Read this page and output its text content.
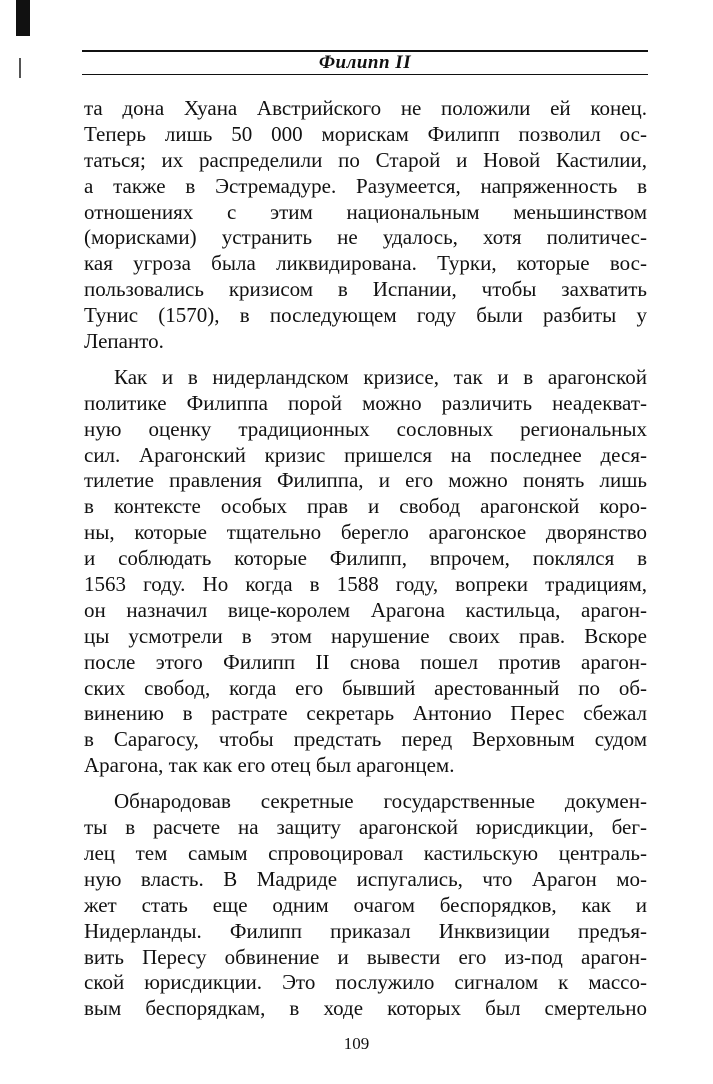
Филипп II
та дона Хуана Австрийского не положили ей конец.
Теперь лишь 50 000 морискам Филипп позволил ос-
таться; их распределили по Старой и Новой Кастилии,
а также в Эстремадуре. Разумеется, напряженность в
отношениях с этим национальным меньшинством
(морисками) устранить не удалось, хотя политичес-
кая угроза была ликвидирована. Турки, которые вос-
пользовались кризисом в Испании, чтобы захватить
Тунис (1570), в последующем году были разбиты у
Лепанто.
Как и в нидерландском кризисе, так и в арагонской
политике Филиппа порой можно различить неадекват-
ную оценку традиционных сословных региональных
сил. Арагонский кризис пришелся на последнее деся-
тилетие правления Филиппа, и его можно понять лишь
в контексте особых прав и свобод арагонской коро-
ны, которые тщательно берегло арагонское дворянство
и соблюдать которые Филипп, впрочем, поклялся в
1563 году. Но когда в 1588 году, вопреки традициям,
он назначил вице-королем Арагона кастильца, арагон-
цы усмотрели в этом нарушение своих прав. Вскоре
после этого Филипп II снова пошел против арагон-
ских свобод, когда его бывший арестованный по об-
винению в растрате секретарь Антонио Перес сбежал
в Сарагосу, чтобы предстать перед Верховным судом
Арагона, так как его отец был арагонцем.
Обнародовав секретные государственные докумен-
ты в расчете на защиту арагонской юрисдикции, бег-
лец тем самым спровоцировал кастильскую централь-
ную власть. В Мадриде испугались, что Арагон мо-
жет стать еще одним очагом беспорядков, как и
Нидерланды. Филипп приказал Инквизиции предъя-
вить Пересу обвинение и вывести его из-под арагон-
ской юрисдикции. Это послужило сигналом к массо-
вым беспорядкам, в ходе которых был смертельно
109
